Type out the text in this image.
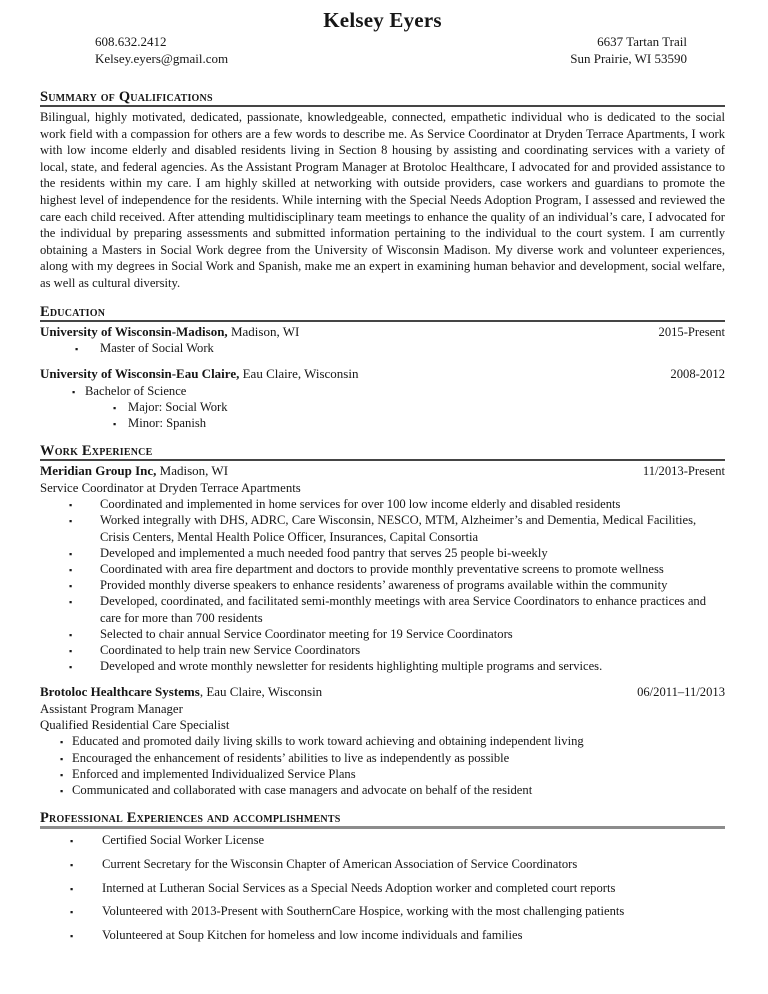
Kelsey Eyers
608.632.2412
Kelsey.eyers@gmail.com
6637 Tartan Trail
Sun Prairie, WI 53590
Summary of Qualifications

Bilingual, highly motivated, dedicated, passionate, knowledgeable, connected, empathetic individual who is dedicated to the social work field with a compassion for others are a few words to describe me. As Service Coordinator at Dryden Terrace Apartments, I work with low income elderly and disabled residents living in Section 8 housing by assisting and coordinating services with a variety of local, state, and federal agencies. As the Assistant Program Manager at Brotoloc Healthcare, I advocated for and provided assistance to the residents within my care. I am highly skilled at networking with outside providers, case workers and guardians to promote the highest level of independence for the residents. While interning with the Special Needs Adoption Program, I assessed and reviewed the care each child received. After attending multidisciplinary team meetings to enhance the quality of an individual’s care, I advocated for the individual by preparing assessments and submitted information pertaining to the individual to the court system. I am currently obtaining a Masters in Social Work degree from the University of Wisconsin Madison. My diverse work and volunteer experiences, along with my degrees in Social Work and Spanish, make me an expert in examining human behavior and development, social welfare, as well as cultural diversity.

Education
University of Wisconsin-Madison, Madison, WI	2015-Present
▪ Master of Social Work
University of Wisconsin-Eau Claire, Eau Claire, Wisconsin	2008-2012
▪ Bachelor of Science
▪ Major: Social Work
▪ Minor: Spanish
Work Experience
Meridian Group Inc, Madison, WI	11/2013-Present
Service Coordinator at Dryden Terrace Apartments
▪ Coordinated and implemented in home services for over 100 low income elderly and disabled residents
▪ Worked integrally with DHS, ADRC, Care Wisconsin, NESCO, MTM, Alzheimer’s and Dementia, Medical Facilities, Crisis Centers, Mental Health Police Officer, Insurances, Capital Consortia
▪ Developed and implemented a much needed food pantry that serves 25 people bi-weekly
▪ Coordinated with area fire department and doctors to provide monthly preventative screens to promote wellness
▪ Provided monthly diverse speakers to enhance residents’ awareness of programs available within the community
▪ Developed, coordinated, and facilitated semi-monthly meetings with area Service Coordinators to enhance practices and care for more than 700 residents
▪ Selected to chair annual Service Coordinator meeting for 19 Service Coordinators
▪ Coordinated to help train new Service Coordinators
▪ Developed and wrote monthly newsletter for residents highlighting multiple programs and services.
Brotoloc Healthcare Systems, Eau Claire, Wisconsin	06/2011–11/2013
Assistant Program Manager
Qualified Residential Care Specialist
▪ Educated and promoted daily living skills to work toward achieving and obtaining independent living
▪ Encouraged the enhancement of residents’ abilities to live as independently as possible
▪ Enforced and implemented Individualized Service Plans
▪ Communicated and collaborated with case managers and advocate on behalf of the resident
Professional Experiences and accomplishments
▪ Certified Social Worker License
▪ Current Secretary for the Wisconsin Chapter of American Association of Service Coordinators
▪ Interned at Lutheran Social Services as a Special Needs Adoption worker and completed court reports
▪ Volunteered with 2013-Present with SouthernCare Hospice, working with the most challenging patients
▪ Volunteered at Soup Kitchen for homeless and low income individuals and families
